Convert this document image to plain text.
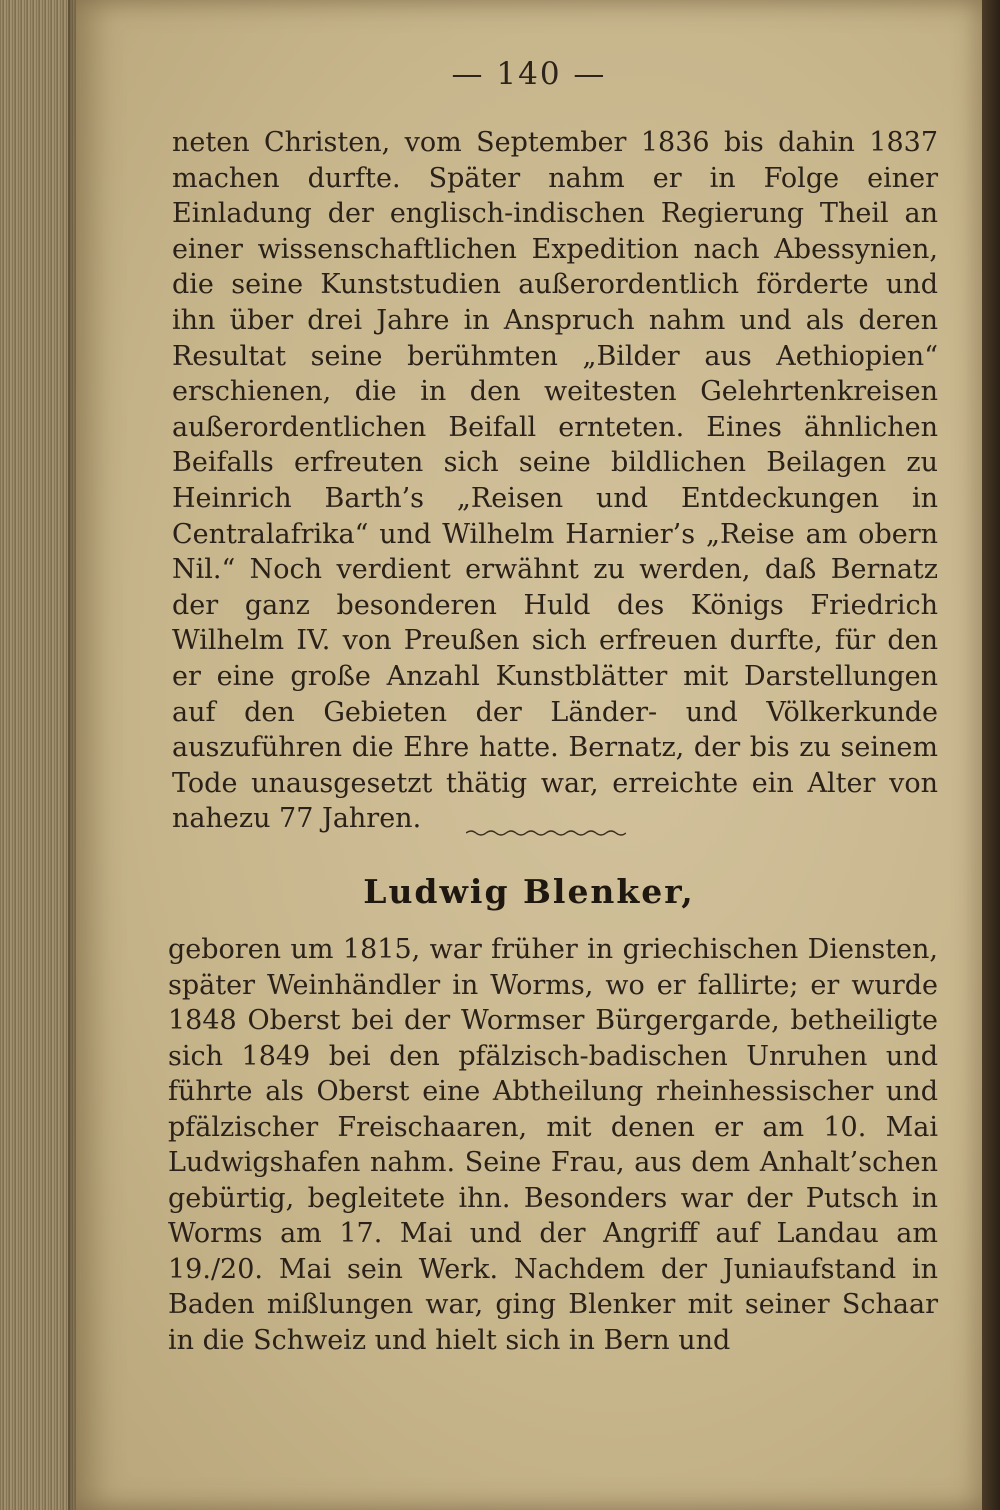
— 140 —

neten Christen, vom September 1836 bis dahin 1837 machen durfte. Später nahm er in Folge einer Einladung der englisch-indischen Regierung Theil an einer wissenschaftlichen Expedition nach Abessynien, die seine Kunststudien außerordentlich förderte und ihn über drei Jahre in Anspruch nahm und als deren Resultat seine berühmten „Bilder aus Aethiopien“ erschienen, die in den weitesten Gelehrtenkreisen außerordentlichen Beifall ernteten. Eines ähnlichen Beifalls erfreuten sich seine bildlichen Beilagen zu Heinrich Barth’s „Reisen und Entdeckungen in Centralafrika“ und Wilhelm Harnier’s „Reise am obern Nil.“ Noch verdient erwähnt zu werden, daß Bernatz der ganz besonderen Huld des Königs Friedrich Wilhelm IV. von Preußen sich erfreuen durfte, für den er eine große Anzahl Kunstblätter mit Darstellungen auf den Gebieten der Länder- und Völkerkunde auszuführen die Ehre hatte. Bernatz, der bis zu seinem Tode unausgesetzt thätig war, erreichte ein Alter von nahezu 77 Jahren.

Ludwig Blenker,

geboren um 1815, war früher in griechischen Diensten, später Weinhändler in Worms, wo er fallirte; er wurde 1848 Oberst bei der Wormser Bürgergarde, betheiligte sich 1849 bei den pfälzisch-badischen Unruhen und führte als Oberst eine Abtheilung rheinhessischer und pfälzischer Freischaaren, mit denen er am 10. Mai Ludwigshafen nahm. Seine Frau, aus dem Anhalt’schen gebürtig, begleitete ihn. Besonders war der Putsch in Worms am 17. Mai und der Angriff auf Landau am 19./20. Mai sein Werk. Nachdem der Juniaufstand in Baden mißlungen war, ging Blenker mit seiner Schaar in die Schweiz und hielt sich in Bern und
